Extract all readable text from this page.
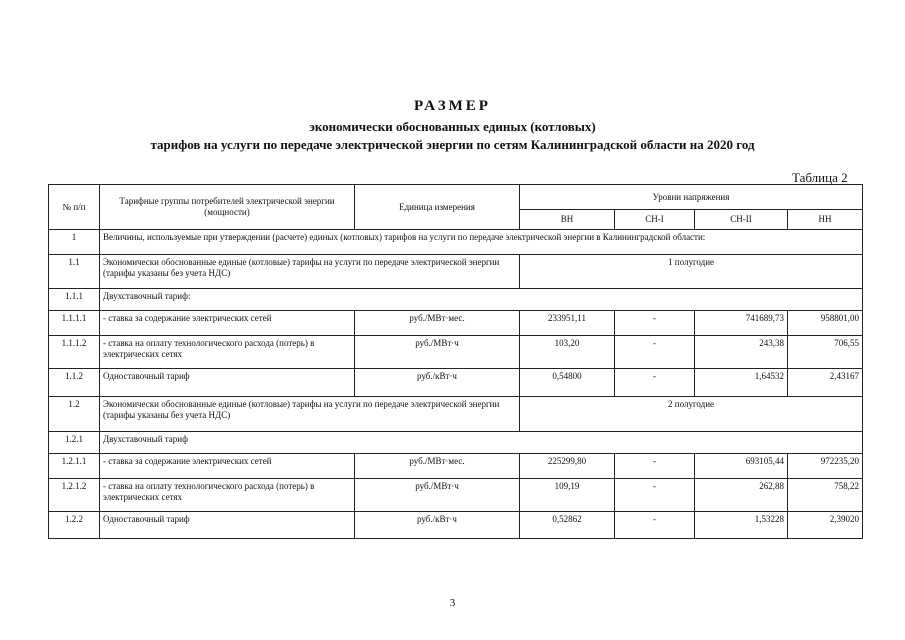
РАЗМЕР
экономически обоснованных единых (котловых)
тарифов на услуги по передаче электрической энергии по сетям Калининградской области на 2020 год
Таблица 2
№ п/п	Тарифные группы потребителей электрической энергии (мощности)	Единица измерения	Уровни напряжения			
			ВН	СН-I	СН-II	НН
1	Величины, используемые при утверждении (расчете) единых (котловых) тарифов на услуги по передаче электрической энергии в Калининградской области:					
1.1	Экономически обоснованные единые (котловые) тарифы на услуги по передаче электрической энергии (тарифы указаны без учета НДС)		1 полугодие			
1.1.1	Двухставочный тариф:					
1.1.1.1	- ставка за содержание электрических сетей	руб./МВт·мес.	233951,11	-	741689,73	958801,00
1.1.1.2	- ставка на оплату технологического расхода (потерь) в электрических сетях	руб./МВт·ч	103,20	-	243,38	706,55
1.1.2	Одноставочный тариф	руб./кВт·ч	0,54800	-	1,64532	2,43167
1.2	Экономически обоснованные единые (котловые) тарифы на услуги по передаче электрической энергии (тарифы указаны без учета НДС)		2 полугодие			
1.2.1	Двухставочный тариф					
1.2.1.1	- ставка за содержание электрических сетей	руб./МВт·мес.	225299,80	-	693105,44	972235,20
1.2.1.2	- ставка на оплату технологического расхода (потерь) в электрических сетях	руб./МВт·ч	109,19	-	262,88	758,22
1.2.2	Одноставочный тариф	руб./кВт·ч	0,52862	-	1,53228	2,39020
3
